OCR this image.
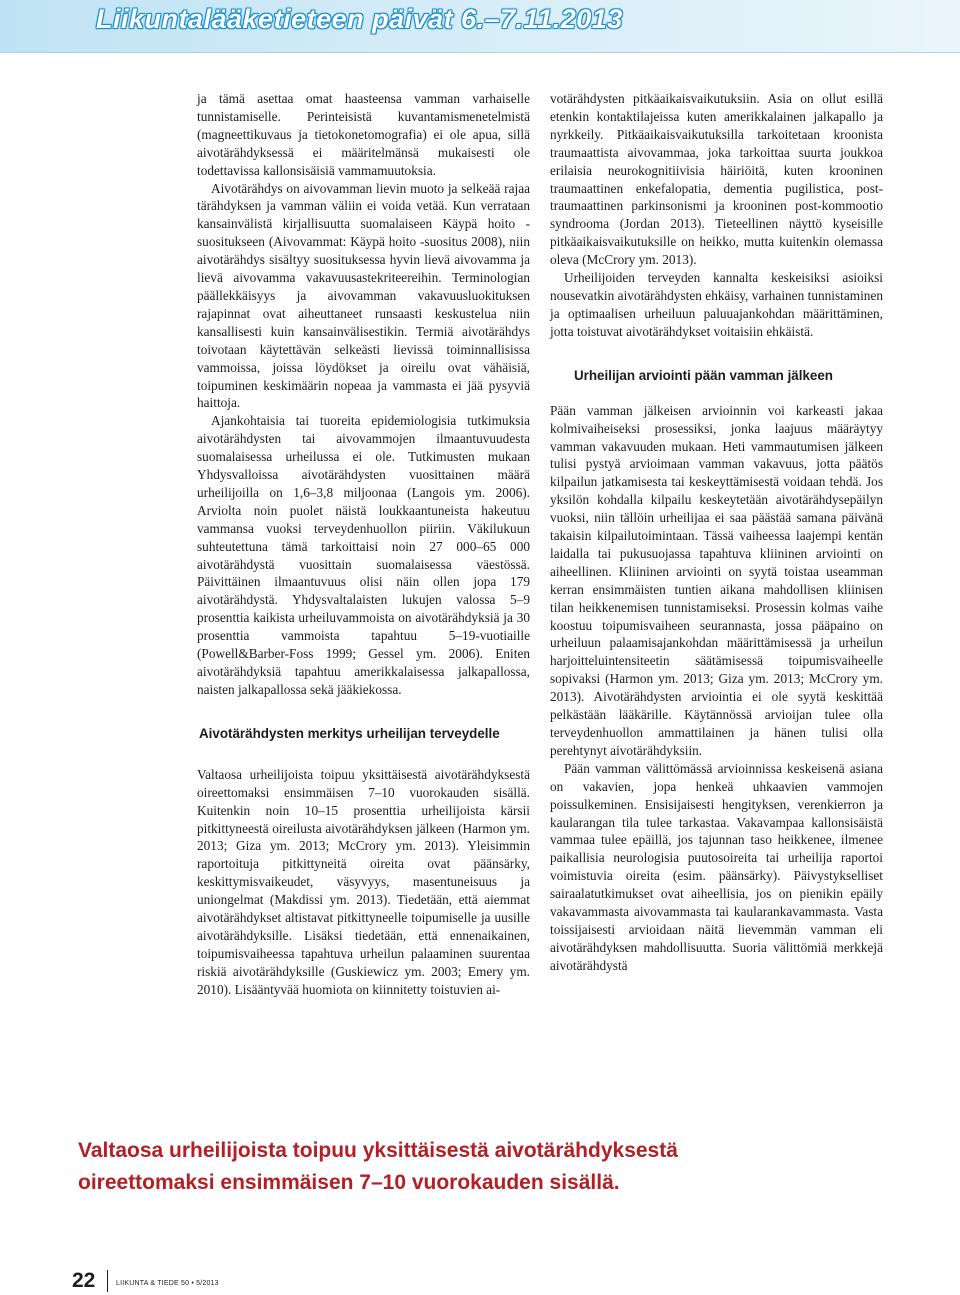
Liikuntalääketieteen päivät 6.–7.11.2013

ja tämä asettaa omat haasteensa vamman varhaiselle tunnistamiselle. Perinteisistä kuvantamismenetelmistä (magneettikuvaus ja tietokonetomografia) ei ole apua, sillä aivotärähdyksessä ei määritelmänsä mukaisesti ole todettavissa kallonsisäisiä vammamuutoksia.

Aivotärähdys on aivovamman lievin muoto ja selkeää rajaa tärähdyksen ja vamman väliin ei voida vetää. Kun verrataan kansainvälistä kirjallisuutta suomalaiseen Käypä hoito -suositukseen (Aivovammat: Käypä hoito -suositus 2008), niin aivotärähdys sisältyy suosituksessa hyvin lievä aivovamma ja lievä aivovamma vakavuusastekriteereihin. Terminologian päällekkäisyys ja aivovamman vakavuusluokituksen rajapinnat ovat aiheuttaneet runsaasti keskustelua niin kansallisesti kuin kansainvälisestikin. Termiä aivotärähdys toivotaan käytettävän selkeästi lievissä toiminnallisissa vammoissa, joissa löydökset ja oireilu ovat vähäisiä, toipuminen keskimäärin nopeaa ja vammasta ei jää pysyviä haittoja.

Ajankohtaisia tai tuoreita epidemiologisia tutkimuksia aivotärähdysten tai aivovammojen ilmaantuvuudesta suomalaisessa urheilussa ei ole. Tutkimusten mukaan Yhdysvalloissa aivotärähdysten vuosittainen määrä urheilijoilla on 1,6–3,8 miljoonaa (Langois ym. 2006). Arviolta noin puolet näistä loukkaantuneista hakeutuu vammansa vuoksi terveydenhuollon piiriin. Väkilukuun suhteutettuna tämä tarkoittaisi noin 27 000–65 000 aivotärähdystä vuosittain suomalaisessa väestössä. Päivittäinen ilmaantuvuus olisi näin ollen jopa 179 aivotärähdystä. Yhdysvaltalaisten lukujen valossa 5–9 prosenttia kaikista urheiluvammoista on aivotärähdyksiä ja 30 prosenttia vammoista tapahtuu 5–19-vuotiaille (Powell&Barber-Foss 1999; Gessel ym. 2006). Eniten aivotärähdyksiä tapahtuu amerikkalaisessa jalkapallossa, naisten jalkapallossa sekä jääkiekossa.

Aivotärähdysten merkitys urheilijan terveydelle

Valtaosa urheilijoista toipuu yksittäisestä aivotärähdyksestä oireettomaksi ensimmäisen 7–10 vuorokauden sisällä. Kuitenkin noin 10–15 prosenttia urheilijoista kärsii pitkittyneestä oireilusta aivotärähdyksen jälkeen (Harmon ym. 2013; Giza ym. 2013; McCrory ym. 2013). Yleisimmin raportoituja pitkittyneitä oireita ovat päänsärky, keskittymisvaikeudet, väsyvyys, masentuneisuus ja uniongelmat (Makdissi ym. 2013). Tiedetään, että aiemmat aivotärähdykset altistavat pitkittyneelle toipumiselle ja uusille aivotärähdyksille. Lisäksi tiedetään, että ennenaikainen, toipumisvaiheessa tapahtuva urheilun palaaminen suurentaa riskiä aivotärähdyksille (Guskiewicz ym. 2003; Emery ym. 2010). Lisääntyvää huomiota on kiinnitetty toistuvien ai-

votärähdysten pitkäaikaisvaikutuksiin. Asia on ollut esillä etenkin kontaktilajeissa kuten amerikkalainen jalkapallo ja nyrkkeily. Pitkäaikaisvaikutuksilla tarkoitetaan kroonista traumaattista aivovammaa, joka tarkoittaa suurta joukkoa erilaisia neurokognitiivisia häiriöitä, kuten krooninen traumaattinen enkefalopatia, dementia pugilistica, post-traumaattinen parkinsonismi ja krooninen post-kommootio syndrooma (Jordan 2013). Tieteellinen näyttö kyseisille pitkäaikaisvaikutuksille on heikko, mutta kuitenkin olemassa oleva (McCrory ym. 2013).

Urheilijoiden terveyden kannalta keskeisiksi asioiksi nousevatkin aivotärähdysten ehkäisy, varhainen tunnistaminen ja optimaalisen urheiluun paluuajankohdan määrittäminen, jotta toistuvat aivotärähdykset voitaisiin ehkäistä.

Urheilijan arviointi pään vamman jälkeen

Pään vamman jälkeisen arvioinnin voi karkeasti jakaa kolmivaiheiseksi prosessiksi, jonka laajuus määräytyy vamman vakavuuden mukaan. Heti vammautumisen jälkeen tulisi pystyä arvioimaan vamman vakavuus, jotta päätös kilpailun jatkamisesta tai keskeyttämisestä voidaan tehdä. Jos yksilön kohdalla kilpailu keskeytetään aivotärähdysepäilyn vuoksi, niin tällöin urheilijaa ei saa päästää samana päivänä takaisin kilpailutoimintaan. Tässä vaiheessa laajempi kentän laidalla tai pukusuojassa tapahtuva kliininen arviointi on aiheellinen. Kliininen arviointi on syytä toistaa useamman kerran ensimmäisten tuntien aikana mahdollisen kliinisen tilan heikkenemisen tunnistamiseksi. Prosessin kolmas vaihe koostuu toipumisvaiheen seurannasta, jossa pääpaino on urheiluun palaamisajankohdan määrittämisessä ja urheilun harjoitteluintensiteetin säätämisessä toipumisvaiheelle sopivaksi (Harmon ym. 2013; Giza ym. 2013; McCrory ym. 2013). Aivotärähdysten arviointia ei ole syytä keskittää pelkästään lääkärille. Käytännössä arvioijan tulee olla terveydenhuollon ammattilainen ja hänen tulisi olla perehtynyt aivotärähdyksiin.

Pään vamman välittömässä arvioinnissa keskeisenä asiana on vakavien, jopa henkeä uhkaavien vammojen poissulkeminen. Ensisijaisesti hengityksen, verenkierron ja kaularangan tila tulee tarkastaa. Vakavampaa kallonsisäistä vammaa tulee epäillä, jos tajunnan taso heikkenee, ilmenee paikallisia neurologisia puutosoireita tai urheilija raportoi voimistuvia oireita (esim. päänsärky). Päivystykselliset sairaalatutkimukset ovat aiheellisia, jos on pienikin epäily vakavammasta aivovammasta tai kaularankavammasta. Vasta toissijaisesti arvioidaan näitä lievemmän vamman eli aivotärähdyksen mahdollisuutta. Suoria välittömiä merkkejä aivotärähdystä

Valtaosa urheilijoista toipuu yksittäisestä aivotärähdyksestä
oireettomaksi ensimmäisen 7–10 vuorokauden sisällä.
22	LIIKUNTA & TIEDE 50 • 5/2013
